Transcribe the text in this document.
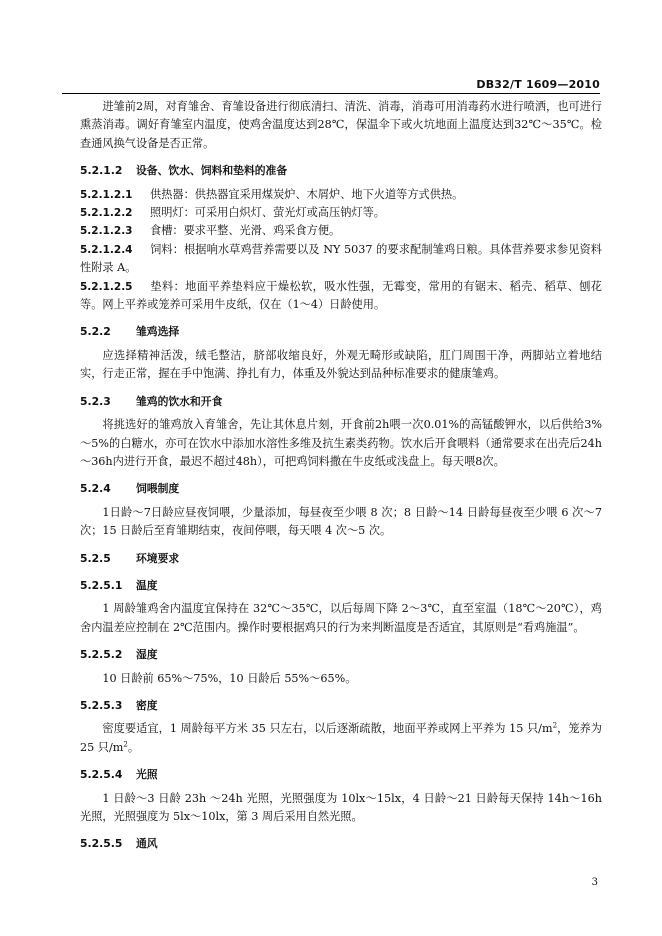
DB32/T 1609—2010

进雏前2周，对育雏舍、育雏设备进行彻底清扫、清洗、消毒，消毒可用消毒药水进行喷洒，也可进行熏蒸消毒。调好育雏室内温度，使鸡舍温度达到28℃，保温伞下或火坑地面上温度达到32℃～35℃。检查通风换气设备是否正常。

5.2.1.2 设备、饮水、饲料和垫料的准备

5.2.1.2.1 供热器：供热器宜采用煤炭炉、木屑炉、地下火道等方式供热。

5.2.1.2.2 照明灯：可采用白炽灯、萤光灯或高压钠灯等。

5.2.1.2.3 食槽：要求平整、光滑、鸡采食方便。

5.2.1.2.4 饲料：根据响水草鸡营养需要以及 NY 5037 的要求配制雏鸡日粮。具体营养要求参见资料性附录 A。

5.2.1.2.5 垫料：地面平养垫料应干燥松软，吸水性强，无霉变，常用的有锯末、稻壳、稻草、刨花等。网上平养或笼养可采用牛皮纸，仅在（1～4）日龄使用。

5.2.2 雏鸡选择

应选择精神活泼，绒毛整洁，脐部收缩良好，外观无畸形或缺陷，肛门周围干净，两脚站立着地结实，行走正常，握在手中饱满、挣扎有力，体重及外貌达到品种标准要求的健康雏鸡。

5.2.3 雏鸡的饮水和开食

将挑选好的雏鸡放入育雏舍，先让其休息片刻，开食前2h喂一次0.01%的高锰酸钾水，以后供给3%～5%的白糖水，亦可在饮水中添加水溶性多维及抗生素类药物。饮水后开食喂料（通常要求在出壳后24h～36h内进行开食，最迟不超过48h），可把鸡饲料撒在牛皮纸或浅盘上。每天喂8次。

5.2.4 饲喂制度

1日龄～7日龄应昼夜饲喂，少量添加，每昼夜至少喂 8 次；8 日龄～14 日龄每昼夜至少喂 6 次～7 次；15 日龄后至育雏期结束，夜间停喂，每天喂 4 次～5 次。

5.2.5 环境要求
5.2.5.1 温度

1 周龄雏鸡舍内温度宜保持在 32℃～35℃，以后每周下降 2～3℃，直至室温（18℃～20℃），鸡舍内温差应控制在 2℃范围内。操作时要根据鸡只的行为来判断温度是否适宜，其原则是“看鸡施温”。

5.2.5.2 湿度

10 日龄前 65%～75%，10 日龄后 55%～65%。

5.2.5.3 密度

密度要适宜，1 周龄每平方米 35 只左右，以后逐渐疏散，地面平养或网上平养为 15 只$/m^2$，笼养为 25 只$/m^2$。

5.2.5.4 光照

1 日龄～3 日龄 23h ～24h 光照，光照强度为 10lx～15lx，4 日龄～21 日龄每天保持 14h～16h 光照，光照强度为 5lx～10lx，第 3 周后采用自然光照。

5.2.5.5 通风
3
